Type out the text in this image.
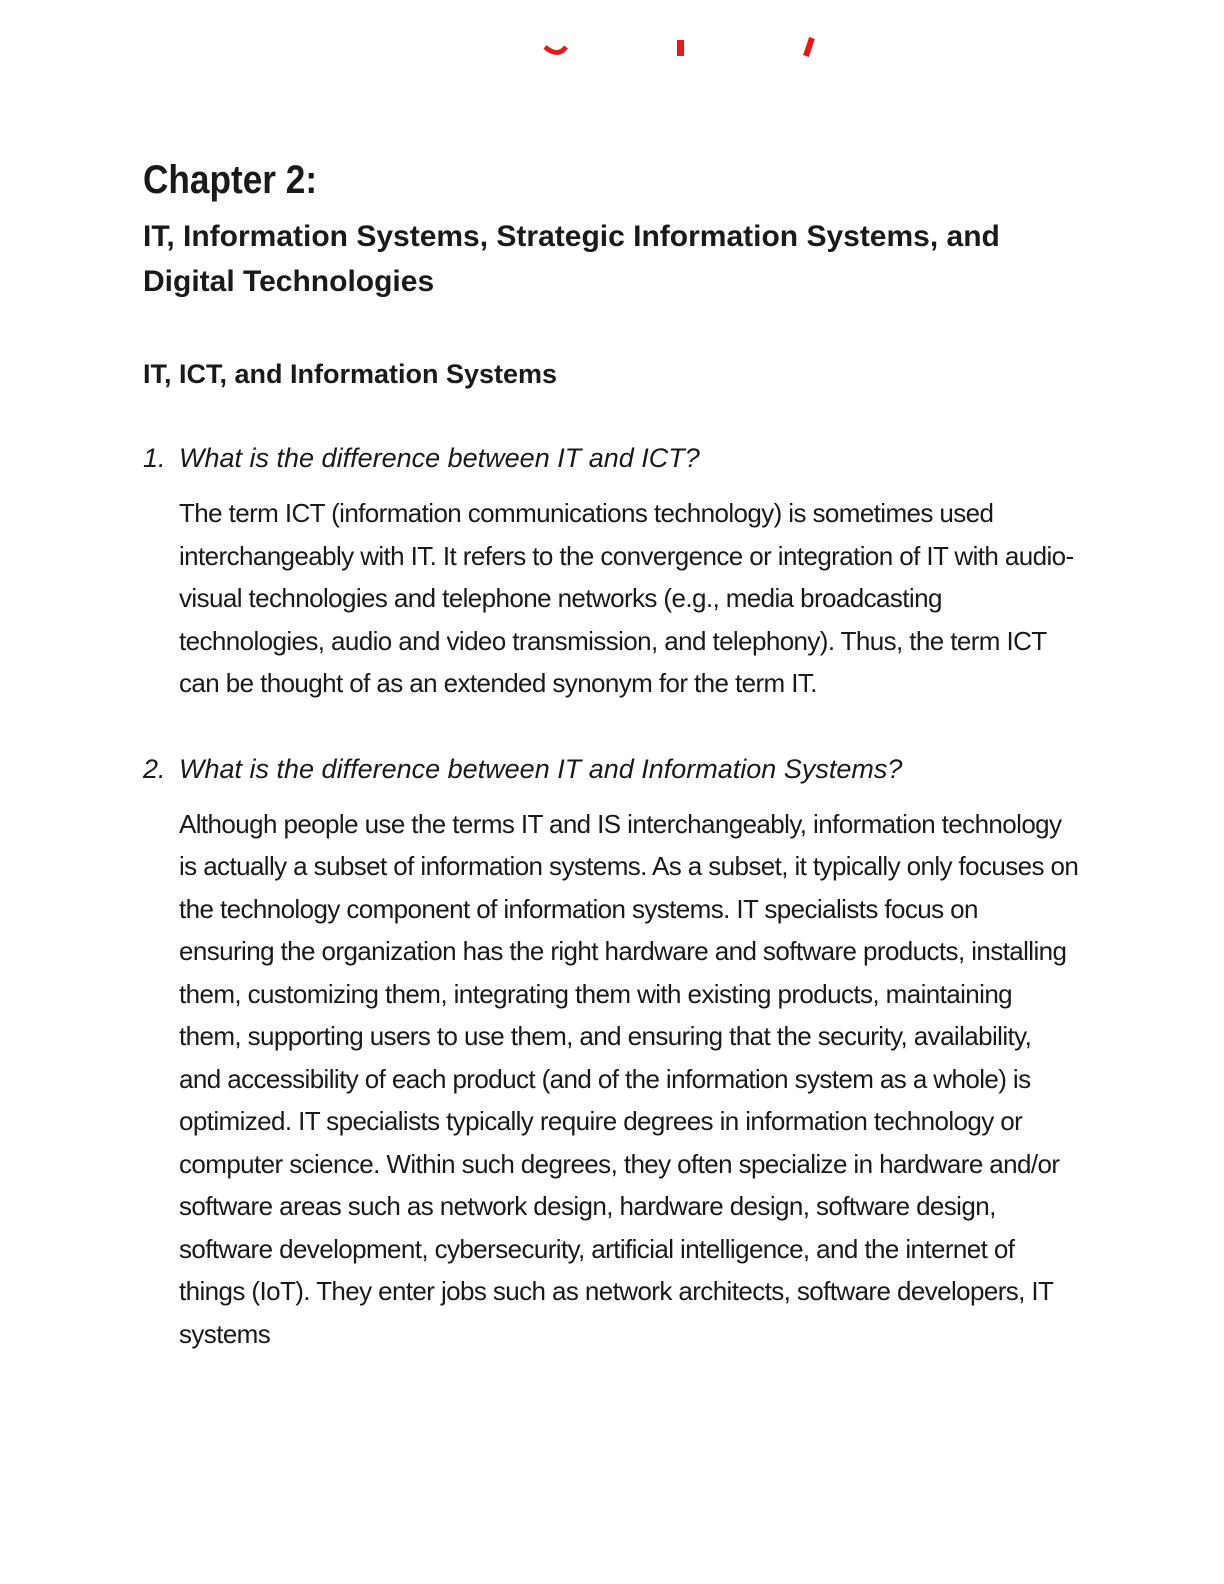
Chapter 2:
IT, Information Systems, Strategic Information Systems, and Digital Technologies
IT, ICT, and Information Systems
1. What is the difference between IT and ICT?

The term ICT (information communications technology) is sometimes used interchangeably with IT. It refers to the convergence or integration of IT with audio-visual technologies and telephone networks (e.g., media broadcasting technologies, audio and video transmission, and telephony). Thus, the term ICT can be thought of as an extended synonym for the term IT.

2. What is the difference between IT and Information Systems?

Although people use the terms IT and IS interchangeably, information technology is actually a subset of information systems. As a subset, it typically only focuses on the technology component of information systems. IT specialists focus on ensuring the organization has the right hardware and software products, installing them, customizing them, integrating them with existing products, maintaining them, supporting users to use them, and ensuring that the security, availability, and accessibility of each product (and of the information system as a whole) is optimized. IT specialists typically require degrees in information technology or computer science. Within such degrees, they often specialize in hardware and/or software areas such as network design, hardware design, software design, software development, cybersecurity, artificial intelligence, and the internet of things (IoT). They enter jobs such as network architects, software developers, IT systems
